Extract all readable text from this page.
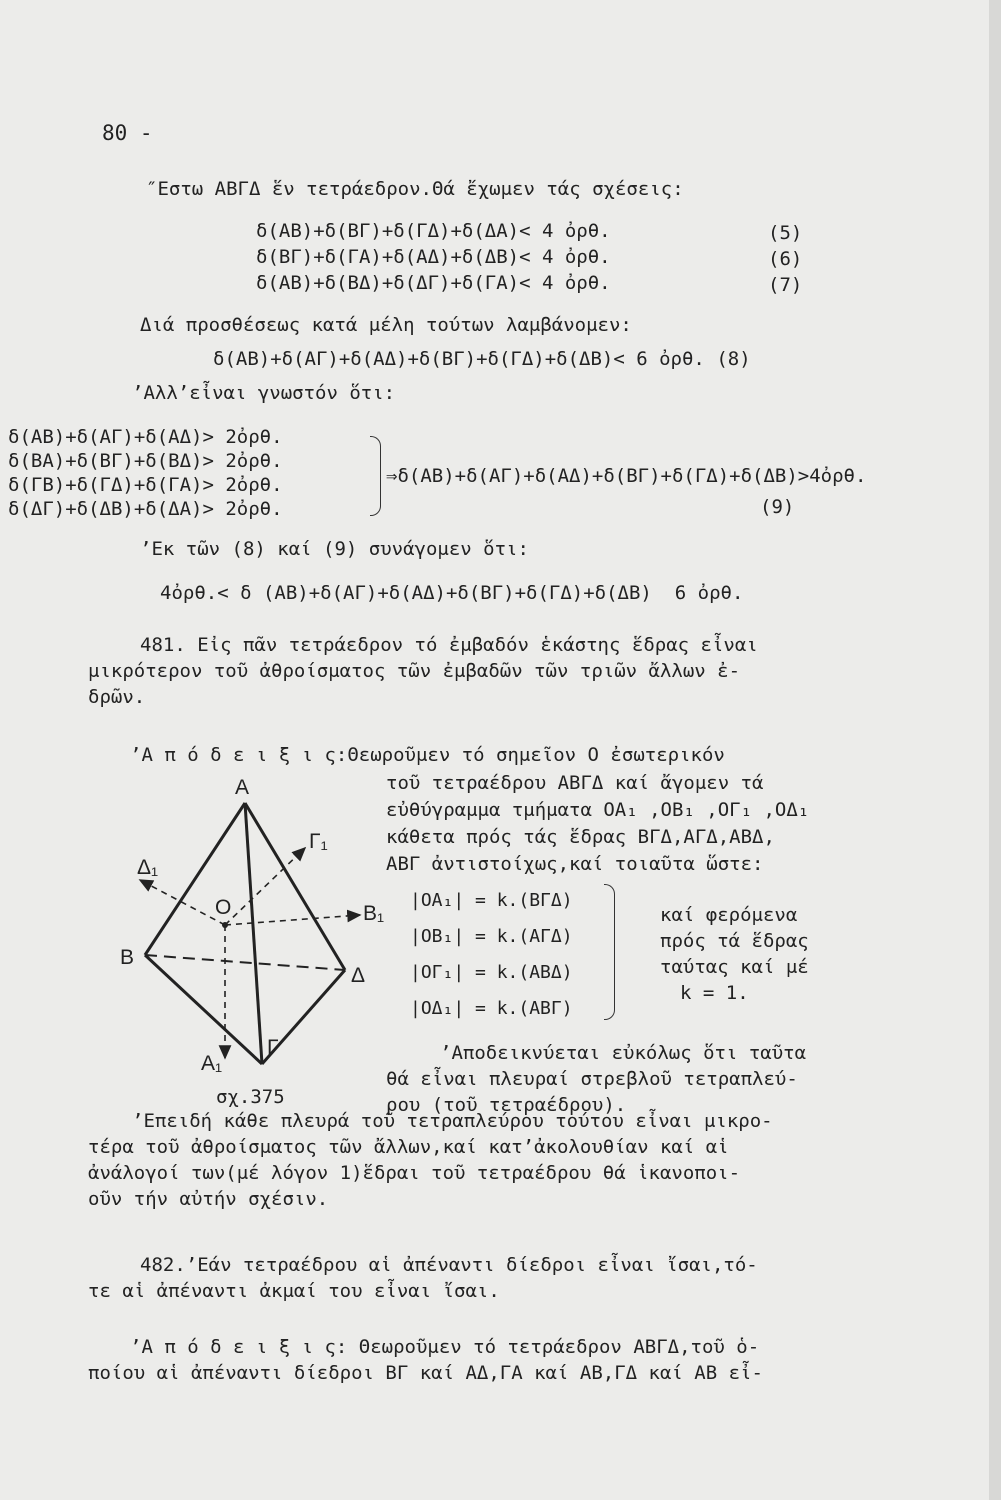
80 -
″Εστω ΑΒΓΔ ἕν τετράεδρον.Θά ἔχωμεν τάς σχέσεις:
δ(ΑΒ)+δ(ΒΓ)+δ(ΓΔ)+δ(ΔΑ)< 4 ὀρθ.	(5)
δ(ΒΓ)+δ(ΓΑ)+δ(ΑΔ)+δ(ΔΒ)< 4 ὀρθ.	(6)
δ(ΑΒ)+δ(ΒΔ)+δ(ΔΓ)+δ(ΓΑ)< 4 ὀρθ.	(7)
Διά προσθέσεως κατά μέλη τούτων λαμβάνομεν:
δ(ΑΒ)+δ(ΑΓ)+δ(ΑΔ)+δ(ΒΓ)+δ(ΓΔ)+δ(ΔΒ)< 6 ὀρθ. (8)
’Αλλ’εἶναι γνωστόν ὅτι:
δ(ΑΒ)+δ(ΑΓ)+δ(ΑΔ)> 2ὀρθ.
δ(ΒΑ)+δ(ΒΓ)+δ(ΒΔ)> 2ὀρθ.
δ(ΓΒ)+δ(ΓΔ)+δ(ΓΑ)> 2ὀρθ.
δ(ΔΓ)+δ(ΔΒ)+δ(ΔΑ)> 2ὀρθ.
⇒δ(ΑΒ)+δ(ΑΓ)+δ(ΑΔ)+δ(ΒΓ)+δ(ΓΔ)+δ(ΔΒ)>4ὀρθ.
(9)
’Εκ τῶν (8) καί (9) συνάγομεν ὅτι:
4ὀρθ.< δ (ΑΒ)+δ(ΑΓ)+δ(ΑΔ)+δ(ΒΓ)+δ(ΓΔ)+δ(ΔΒ)  6 ὀρθ.
481. Εἰς πᾶν τετράεδρον τό ἐμβαδόν ἑκάστης ἕδρας εἶναι
μικρότερον τοῦ ἀθροίσματος τῶν ἐμβαδῶν τῶν τριῶν ἄλλων ἐ-
δρῶν.
’Α π ό δ ε ι ξ ι ς:Θεωροῦμεν τό σημεῖον Ο ἐσωτερικόν
τοῦ τετραέδρου ΑΒΓΔ καί ἄγομεν τά
εὐθύγραμμα τμήματα ΟΑ₁ ,ΟΒ₁ ,ΟΓ₁ ,ΟΔ₁
κάθετα πρός τάς ἕδρας ΒΓΔ,ΑΓΔ,ΑΒΔ,
ΑΒΓ ἀντιστοίχως,καί τοιαῦτα ὥστε:
|ΟΑ₁| = k.(ΒΓΔ)
|ΟΒ₁| = k.(ΑΓΔ)
|ΟΓ₁| = k.(ΑΒΔ)
|ΟΔ₁| = k.(ΑΒΓ)
καί φερόμενα
πρός τά ἕδρας
ταύτας καί μέ
k = 1.
A
B
Γ
Δ
O
A₁
B₁
Γ₁
Δ₁
’Αποδεικνύεται εὐκόλως ὅτι ταῦτα
θά εἶναι πλευραί στρεβλοῦ τετραπλεύ-
σχ.375	ρου (τοῦ τετραέδρου).
’Επειδή κάθε πλευρά τοῦ τετραπλεύρου τούτου εἶναι μικρο-
τέρα τοῦ ἀθροίσματος τῶν ἄλλων,καί κατ’ἀκολουθίαν καί αἱ
ἀνάλογοί των(μέ λόγον 1)ἕδραι τοῦ τετραέδρου θά ἱκανοποι-
οῦν τήν αὐτήν σχέσιν.
482.’Εάν τετραέδρου αἱ ἀπέναντι δίεδροι εἶναι ἴσαι,τό-
τε αἱ ἀπέναντι ἀκμαί του εἶναι ἴσαι.
’Α π ό δ ε ι ξ ι ς: Θεωροῦμεν τό τετράεδρον ΑΒΓΔ,τοῦ ὁ-
ποίου αἱ ἀπέναντι δίεδροι ΒΓ καί ΑΔ,ΓΑ καί ΑΒ,ΓΔ καί ΑΒ εἶ-
